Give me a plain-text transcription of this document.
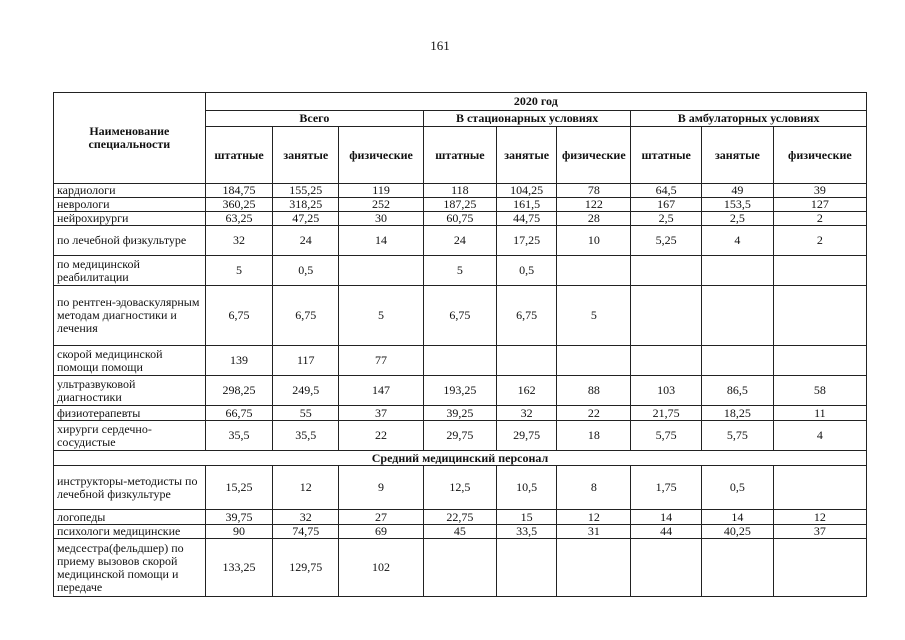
161
Наименование специальности	2020 год								
	Всего			В стационарных условиях			В амбулаторных условиях		
	штатные	занятые	физические	штатные	занятые	физические	штатные	занятые	физические
кардиологи	184,75	155,25	119	118	104,25	78	64,5	49	39
неврологи	360,25	318,25	252	187,25	161,5	122	167	153,5	127
нейрохирурги	63,25	47,25	30	60,75	44,75	28	2,5	2,5	2
по лечебной физкультуре	32	24	14	24	17,25	10	5,25	4	2
по медицинской реабилитации	5	0,5		5	0,5				
по рентген-эдоваскулярным методам диагностики и лечения	6,75	6,75	5	6,75	6,75	5			
скорой медицинской помощи помощи	139	117	77						
ультразвуковой диагностики	298,25	249,5	147	193,25	162	88	103	86,5	58
физиотерапевты	66,75	55	37	39,25	32	22	21,75	18,25	11
хирурги сердечно-сосудистые	35,5	35,5	22	29,75	29,75	18	5,75	5,75	4
Средний медицинский персонал									
инструкторы-методисты по лечебной физкультуре	15,25	12	9	12,5	10,5	8	1,75	0,5	
логопеды	39,75	32	27	22,75	15	12	14	14	12
психологи медицинские	90	74,75	69	45	33,5	31	44	40,25	37
медсестра(фельдшер) по приему вызовов скорой медицинской помощи и передаче	133,25	129,75	102						
